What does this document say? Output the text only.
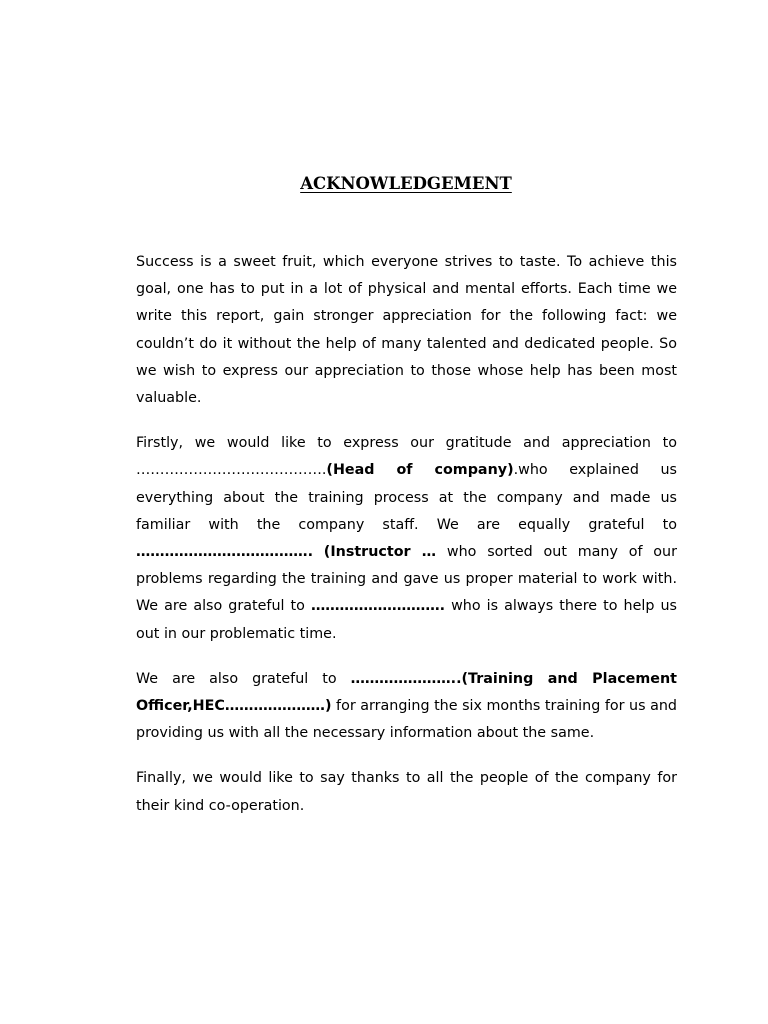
ACKNOWLEDGEMENT

Success is a sweet fruit, which everyone strives to taste. To achieve this goal, one has to put in a lot of physical and mental efforts. Each time we write this report, gain stronger appreciation for the following fact: we couldn’t do it without the help of many talented and dedicated people. So we wish to express our appreciation to those whose help has been most valuable.

Firstly, we would like to express our gratitude and appreciation to ………………………………….(Head of company).who explained us everything about the training process at the company and made us familiar with the company staff. We are equally grateful to ………………………………. (Instructor … who sorted out many of our problems regarding the training and gave us proper material to work with. We are also grateful to ………………………. who is always there to help us out in our problematic time.

We are also grateful to …………………..(Training and Placement Officer,HEC…………………) for arranging the six months training for us and providing us with all the necessary information about the same.

Finally, we would like to say thanks to all the people of the company for their kind co-operation.
